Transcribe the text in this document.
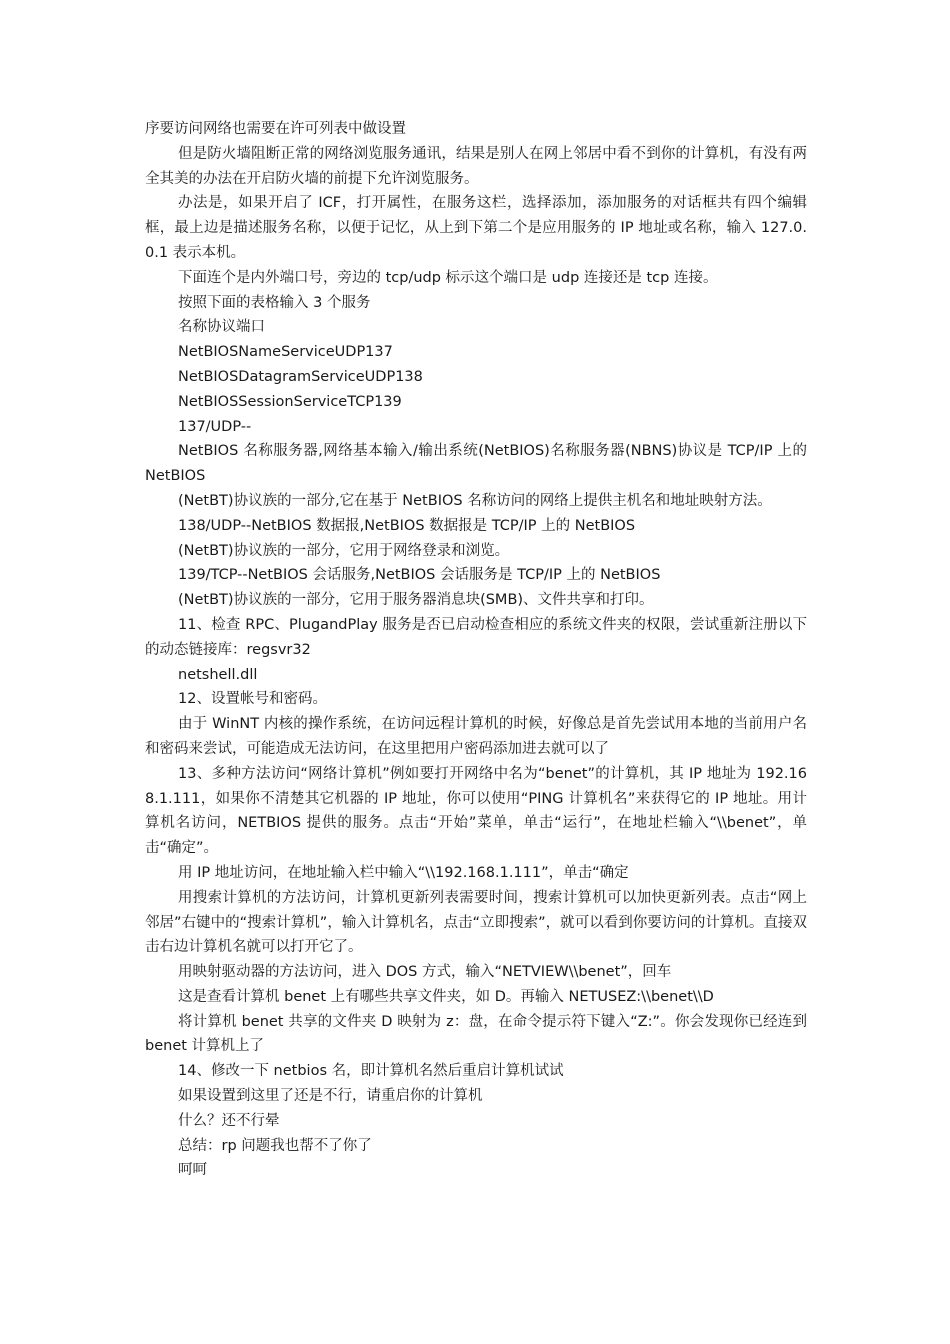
序要访问网络也需要在许可列表中做设置

但是防火墙阻断正常的网络浏览服务通讯，结果是别人在网上邻居中看不到你的计算机，有没有两全其美的办法在开启防火墙的前提下允许浏览服务。

办法是，如果开启了 ICF，打开属性，在服务这栏，选择添加，添加服务的对话框共有四个编辑框，最上边是描述服务名称，以便于记忆，从上到下第二个是应用服务的 IP 地址或名称，输入 127.0.0.1 表示本机。

下面连个是内外端口号，旁边的 tcp/udp 标示这个端口是 udp 连接还是 tcp 连接。

按照下面的表格输入 3 个服务

名称协议端口

NetBIOSNameServiceUDP137

NetBIOSDatagramServiceUDP138

NetBIOSSessionServiceTCP139

137/UDP--

NetBIOS 名称服务器,网络基本输入/输出系统(NetBIOS)名称服务器(NBNS)协议是 TCP/IP 上的 NetBIOS

(NetBT)协议族的一部分,它在基于 NetBIOS 名称访问的网络上提供主机名和地址映射方法。

138/UDP--NetBIOS 数据报,NetBIOS 数据报是 TCP/IP 上的 NetBIOS

(NetBT)协议族的一部分，它用于网络登录和浏览。

139/TCP--NetBIOS 会话服务,NetBIOS 会话服务是 TCP/IP 上的 NetBIOS

(NetBT)协议族的一部分，它用于服务器消息块(SMB)、文件共享和打印。

11、检查 RPC、PlugandPlay 服务是否已启动检查相应的系统文件夹的权限，尝试重新注册以下的动态链接库：regsvr32

netshell.dll

12、设置帐号和密码。

由于 WinNT 内核的操作系统，在访问远程计算机的时候，好像总是首先尝试用本地的当前用户名和密码来尝试，可能造成无法访问，在这里把用户密码添加进去就可以了

13、多种方法访问“网络计算机”例如要打开网络中名为“benet”的计算机，其 IP 地址为 192.168.1.111，如果你不清楚其它机器的 IP 地址，你可以使用“PING 计算机名”来获得它的 IP 地址。用计算机名访问，NETBIOS 提供的服务。点击“开始”菜单，单击“运行”，在地址栏输入“\\benet”，单击“确定”。

用 IP 地址访问，在地址输入栏中输入“\\192.168.1.111”，单击“确定

用搜索计算机的方法访问，计算机更新列表需要时间，搜索计算机可以加快更新列表。点击“网上邻居”右键中的“搜索计算机”，输入计算机名，点击“立即搜索”，就可以看到你要访问的计算机。直接双击右边计算机名就可以打开它了。

用映射驱动器的方法访问，进入 DOS 方式，输入“NETVIEW\\benet”，回车

这是查看计算机 benet 上有哪些共享文件夹，如 D。再输入 NETUSEZ:\\benet\\D

将计算机 benet 共享的文件夹 D 映射为 z：盘，在命令提示符下键入“Z:”。你会发现你已经连到 benet 计算机上了

14、修改一下 netbios 名，即计算机名然后重启计算机试试

如果设置到这里了还是不行，请重启你的计算机

什么？还不行晕

总结：rp 问题我也帮不了你了

呵呵
